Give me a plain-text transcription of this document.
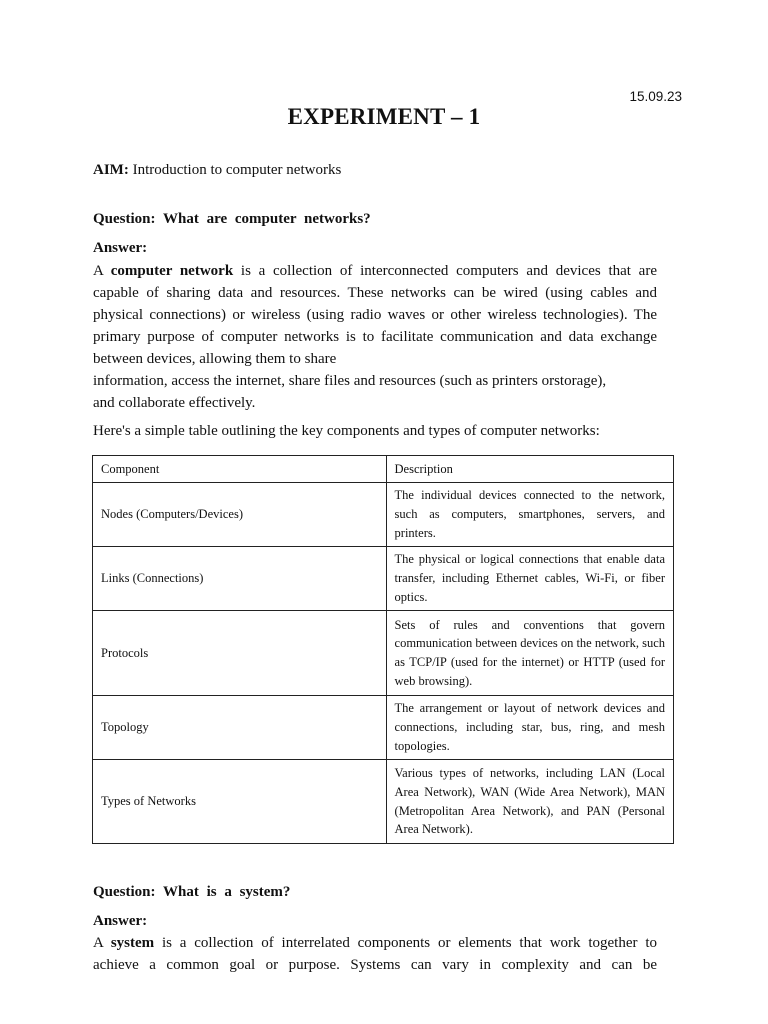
15.09.23
EXPERIMENT – 1
AIM: Introduction to computer networks
Question: What are computer networks?
Answer:
A computer network is a collection of interconnected computers and devices that are
capable of sharing data and resources. These networks can be wired (using cables and
physical connections) or wireless (using radio waves or other wireless technologies). The
primary purpose of computer networks is to facilitate communication and data exchange
between devices, allowing them to share
information, access the internet, share files and resources (such as printers orstorage),
and collaborate effectively.
Here's a simple table outlining the key components and types of computer networks:
Component	Description
Nodes (Computers/Devices)	The individual devices connected to the network, such as computers, smartphones, servers, and printers.
Links (Connections)	The physical or logical connections that enable data transfer, including Ethernet cables, Wi-Fi, or fiber optics.
Protocols	Sets of rules and conventions that govern communication between devices on the network, such as TCP/IP (used for the internet) or HTTP (used for web browsing).
Topology	The arrangement or layout of network devices and connections, including star, bus, ring, and mesh topologies.
Types of Networks	Various types of networks, including LAN (Local Area Network), WAN (Wide Area Network), MAN (Metropolitan Area Network), and PAN (Personal Area Network).
Question: What is a system?
Answer:
A system is a collection of interrelated components or elements that work together to
achieve a common goal or purpose. Systems can vary in complexity and can be
